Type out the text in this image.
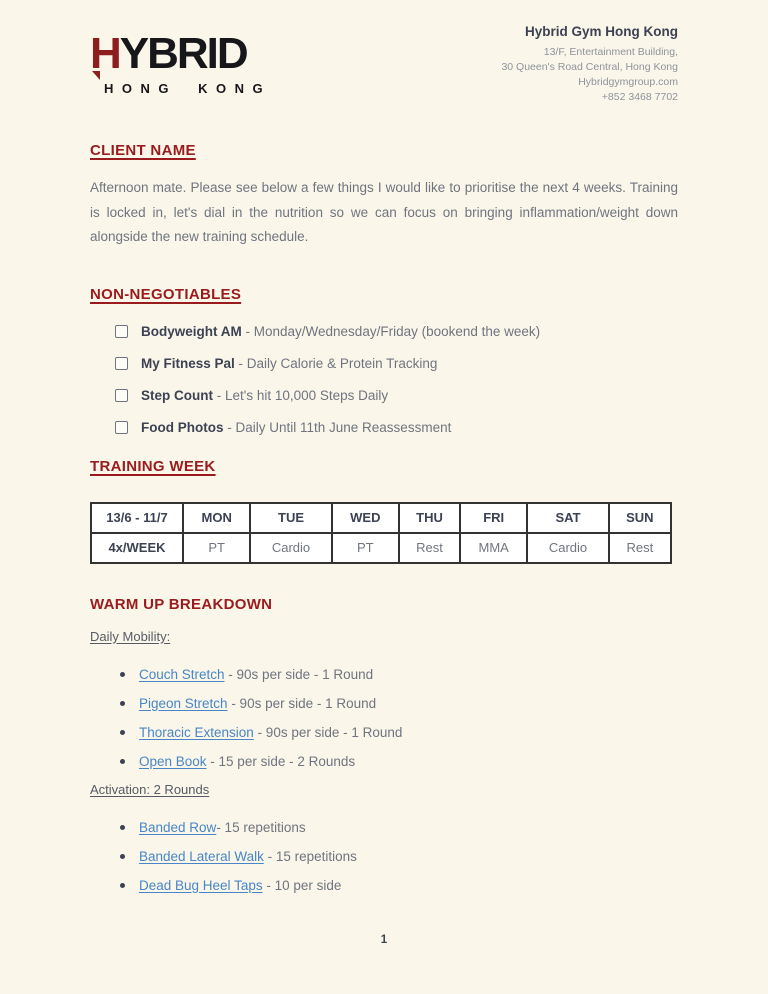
HYBRID
HONG KONG
Hybrid Gym Hong Kong
13/F, Entertainment Building,
30 Queen's Road Central, Hong Kong
Hybridgymgroup.com
+852 3468 7702
CLIENT NAME

Afternoon mate. Please see below a few things I would like to prioritise the next 4 weeks. Training is locked in, let's dial in the nutrition so we can focus on bringing inflammation/weight down alongside the new training schedule.

NON-NEGOTIABLES
Bodyweight AM - Monday/Wednesday/Friday (bookend the week)
My Fitness Pal - Daily Calorie & Protein Tracking
Step Count - Let's hit 10,000 Steps Daily
Food Photos - Daily Until 11th June Reassessment
TRAINING WEEK
13/6 - 11/7	MON	TUE	WED	THU	FRI	SAT	SUN
4x/WEEK	PT	Cardio	PT	Rest	MMA	Cardio	Rest
WARM UP BREAKDOWN
Daily Mobility:
Couch Stretch - 90s per side - 1 Round
Pigeon Stretch - 90s per side - 1 Round
Thoracic Extension - 90s per side - 1 Round
Open Book - 15 per side - 2 Rounds
Activation: 2 Rounds
Banded Row- 15 repetitions
Banded Lateral Walk - 15 repetitions
Dead Bug Heel Taps - 10 per side
1
